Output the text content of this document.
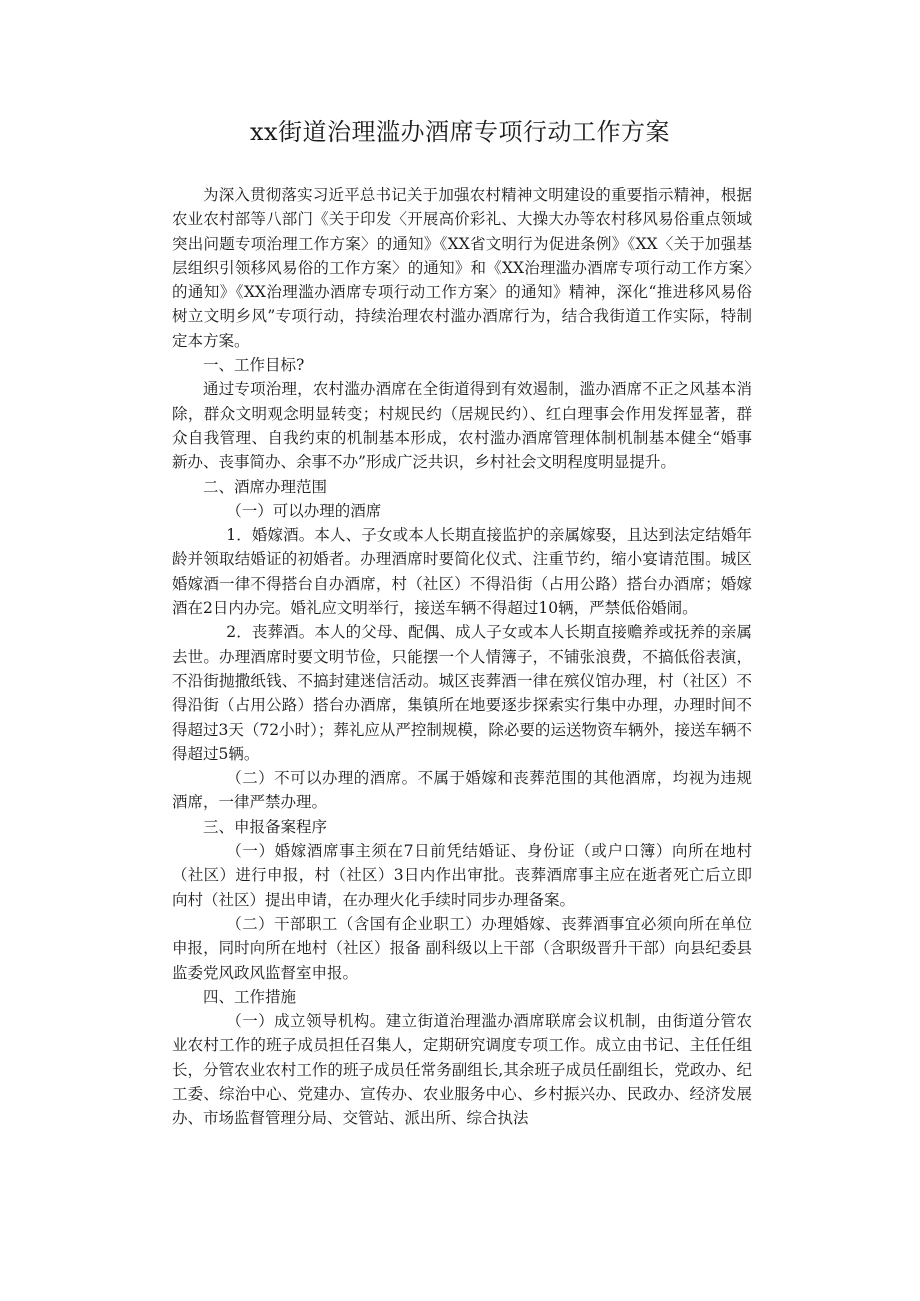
xx街道治理滥办酒席专项行动工作方案

为深入贯彻落实习近平总书记关于加强农村精神文明建设的重要指示精神，根据农业农村部等八部门《关于印发〈开展高价彩礼、大操大办等农村移风易俗重点领域突出问题专项治理工作方案〉的通知》《XX省文明行为促进条例》《XX〈关于加强基层组织引领移风易俗的工作方案〉的通知》和《XX治理滥办酒席专项行动工作方案〉的通知》《XX治理滥办酒席专项行动工作方案〉的通知》精神，深化“推进移风易俗树立文明乡风”专项行动，持续治理农村滥办酒席行为，结合我街道工作实际，特制定本方案。

一、工作目标?

通过专项治理，农村滥办酒席在全街道得到有效遏制，滥办酒席不正之风基本消除，群众文明观念明显转变；村规民约（居规民约）、红白理事会作用发挥显著，群众自我管理、自我约束的机制基本形成，农村滥办酒席管理体制机制基本健全“婚事新办、丧事简办、余事不办”形成广泛共识，乡村社会文明程度明显提升。

二、酒席办理范围

（一）可以办理的酒席

1．婚嫁酒。本人、子女或本人长期直接监护的亲属嫁娶，且达到法定结婚年龄并领取结婚证的初婚者。办理酒席时要简化仪式、注重节约，缩小宴请范围。城区婚嫁酒一律不得搭台自办酒席，村（社区）不得沿街（占用公路）搭台办酒席；婚嫁酒在2日内办完。婚礼应文明举行，接送车辆不得超过10辆，严禁低俗婚闹。

2．丧葬酒。本人的父母、配偶、成人子女或本人长期直接赡养或抚养的亲属去世。办理酒席时要文明节俭，只能摆一个人情簿子，不铺张浪费，不搞低俗表演，不沿街抛撒纸钱、不搞封建迷信活动。城区丧葬酒一律在殡仪馆办理，村（社区）不得沿街（占用公路）搭台办酒席，集镇所在地要逐步探索实行集中办理，办理时间不得超过3天（72小时）；葬礼应从严控制规模，除必要的运送物资车辆外，接送车辆不得超过5辆。

（二）不可以办理的酒席。不属于婚嫁和丧葬范围的其他酒席，均视为违规酒席，一律严禁办理。

三、申报备案程序

（一）婚嫁酒席事主须在7日前凭结婚证、身份证（或户口簿）向所在地村（社区）进行申报，村（社区）3日内作出审批。丧葬酒席事主应在逝者死亡后立即向村（社区）提出申请，在办理火化手续时同步办理备案。

（二）干部职工（含国有企业职工）办理婚嫁、丧葬酒事宜必须向所在单位申报，同时向所在地村（社区）报备 副科级以上干部（含职级晋升干部）向县纪委县监委党风政风监督室申报。

四、工作措施

（一）成立领导机构。建立街道治理滥办酒席联席会议机制，由街道分管农业农村工作的班子成员担任召集人，定期研究调度专项工作。成立由书记、主任任组长，分管农业农村工作的班子成员任常务副组长,其余班子成员任副组长，党政办、纪工委、综治中心、党建办、宣传办、农业服务中心、乡村振兴办、民政办、经济发展办、市场监督管理分局、交管站、派出所、综合执法
